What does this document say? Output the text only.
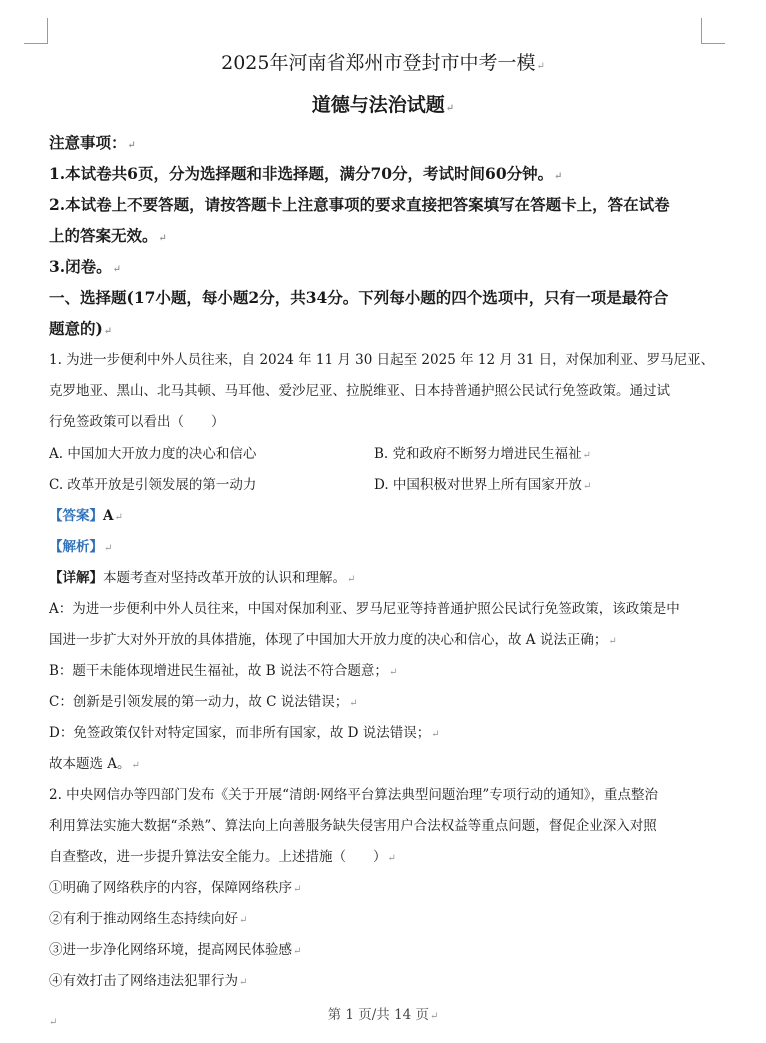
2025年河南省郑州市登封市中考一模↵
道德与法治试题↵
注意事项：↵
1.本试卷共6页，分为选择题和非选择题，满分70分，考试时间60分钟。↵
2.本试卷上不要答题，请按答题卡上注意事项的要求直接把答案填写在答题卡上，答在试卷
上的答案无效。↵
3.闭卷。↵
一、选择题(17小题，每小题2分，共34分。下列每小题的四个选项中，只有一项是最符合
题意的)↵
1. 为进一步便利中外人员往来，自 2024 年 11 月 30 日起至 2025 年 12 月 31 日，对保加利亚、罗马尼亚、
克罗地亚、黑山、北马其顿、马耳他、爱沙尼亚、拉脱维亚、日本持普通护照公民试行免签政策。通过试
行免签政策可以看出（　　）
A. 中国加大开放力度的决心和信心	B. 党和政府不断努力增进民生福祉↵
C. 改革开放是引领发展的第一动力	D. 中国积极对世界上所有国家开放↵
【答案】A↵
【解析】↵
【详解】本题考查对坚持改革开放的认识和理解。↵
A：为进一步便利中外人员往来，中国对保加利亚、罗马尼亚等持普通护照公民试行免签政策，该政策是中
国进一步扩大对外开放的具体措施，体现了中国加大开放力度的决心和信心，故 A 说法正确；↵
B：题干未能体现增进民生福祉，故 B 说法不符合题意；↵
C：创新是引领发展的第一动力，故 C 说法错误；↵
D：免签政策仅针对特定国家，而非所有国家，故 D 说法错误；↵
故本题选 A。↵
2. 中央网信办等四部门发布《关于开展“清朗·网络平台算法典型问题治理”专项行动的通知》，重点整治
利用算法实施大数据“杀熟”、算法向上向善服务缺失侵害用户合法权益等重点问题，督促企业深入对照
自查整改，进一步提升算法安全能力。上述措施（　　）↵
①明确了网络秩序的内容，保障网络秩序↵
②有利于推动网络生态持续向好↵
③进一步净化网络环境，提高网民体验感↵
④有效打击了网络违法犯罪行为↵
第 1 页/共 14 页↵
↵
